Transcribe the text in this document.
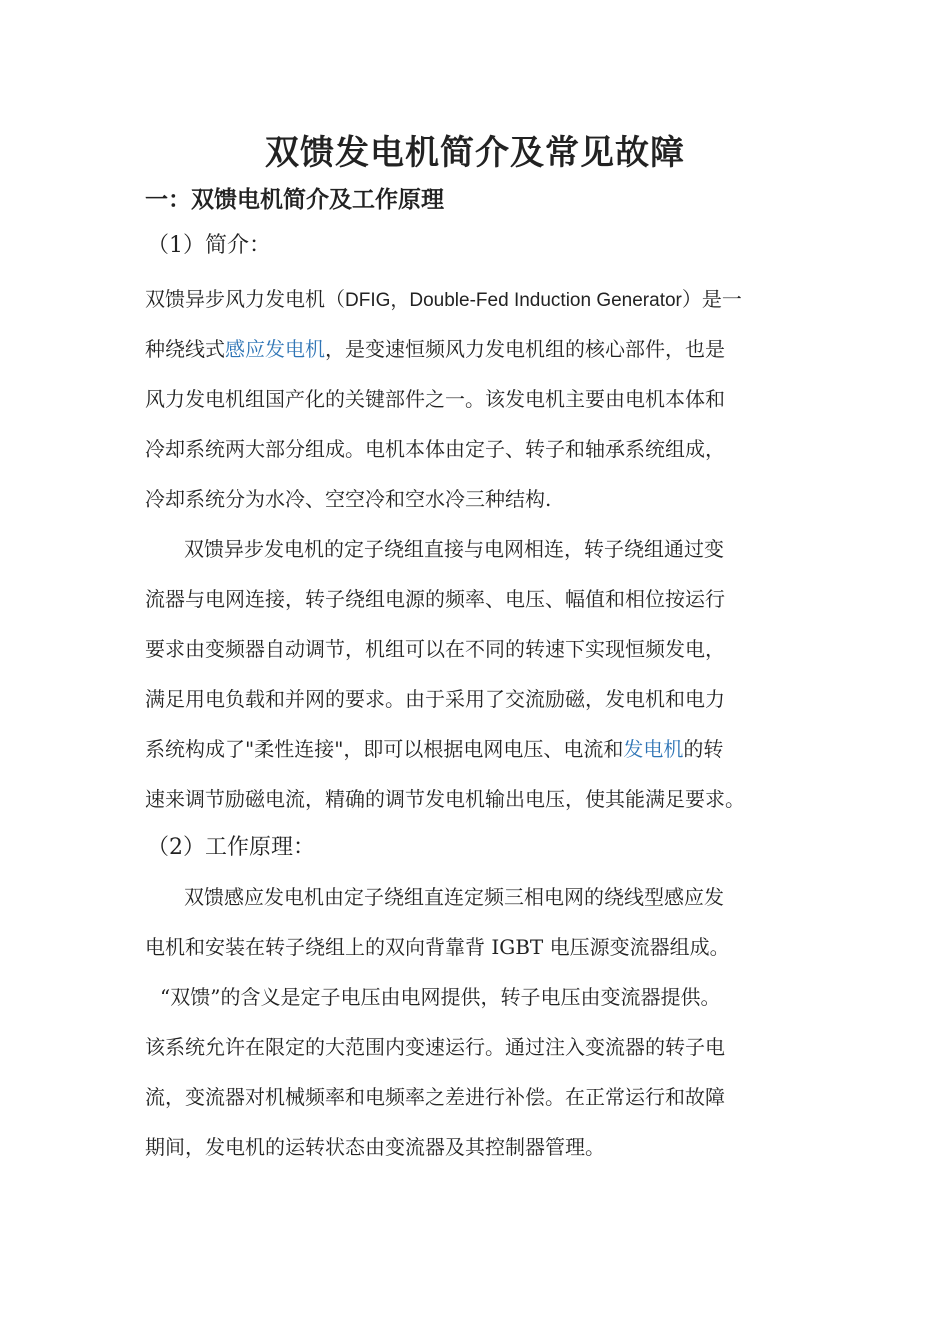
双馈发电机简介及常见故障
一：双馈电机简介及工作原理
（1）简介：
双馈异步风力发电机（DFIG，Double-Fed Induction Generator）是一
种绕线式感应发电机，是变速恒频风力发电机组的核心部件，也是
风力发电机组国产化的关键部件之一。该发电机主要由电机本体和
冷却系统两大部分组成。电机本体由定子、转子和轴承系统组成，
冷却系统分为水冷、空空冷和空水冷三种结构.
双馈异步发电机的定子绕组直接与电网相连，转子绕组通过变
流器与电网连接，转子绕组电源的频率、电压、幅值和相位按运行
要求由变频器自动调节，机组可以在不同的转速下实现恒频发电，
满足用电负载和并网的要求。由于采用了交流励磁，发电机和电力
系统构成了"柔性连接"，即可以根据电网电压、电流和发电机的转
速来调节励磁电流，精确的调节发电机输出电压，使其能满足要求。
（2）工作原理：
双馈感应发电机由定子绕组直连定频三相电网的绕线型感应发
电机和安装在转子绕组上的双向背靠背 IGBT 电压源变流器组成。
“双馈”的含义是定子电压由电网提供，转子电压由变流器提供。
该系统允许在限定的大范围内变速运行。通过注入变流器的转子电
流，变流器对机械频率和电频率之差进行补偿。在正常运行和故障
期间，发电机的运转状态由变流器及其控制器管理。
